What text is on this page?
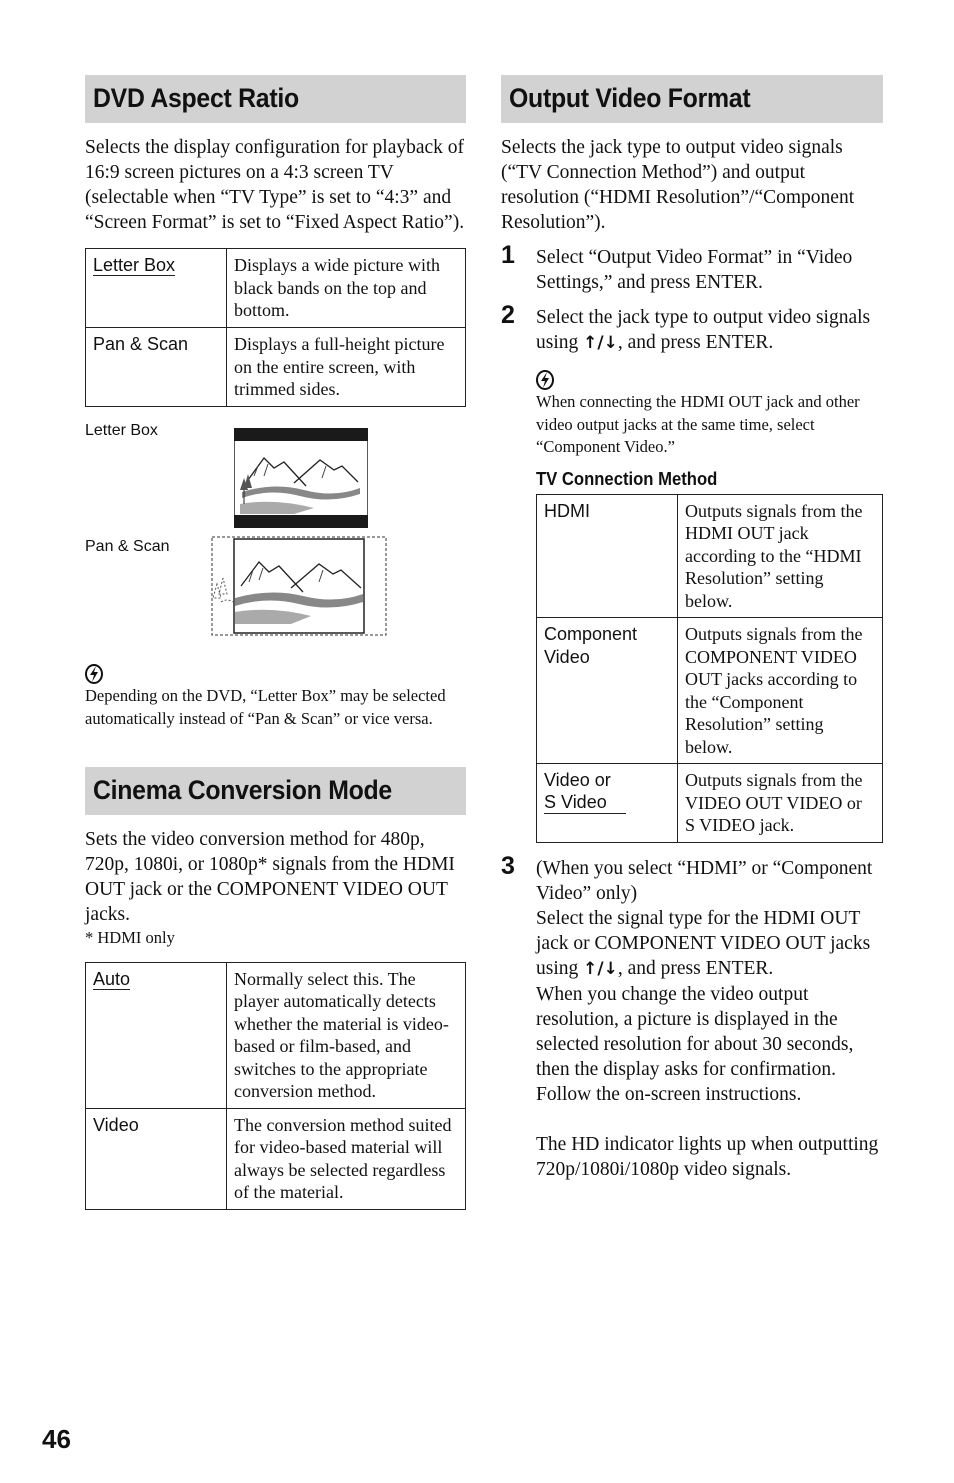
DVD Aspect Ratio

Selects the display configuration for playback of 16:9 screen pictures on a 4:3 screen TV (selectable when “TV Type” is set to “4:3” and “Screen Format” is set to “Fixed Aspect Ratio”).

Letter Box	Displays a wide picture with black bands on the top and bottom.
Pan & Scan	Displays a full-height picture on the entire screen, with trimmed sides.
Letter Box
Pan & Scan

Depending on the DVD, “Letter Box” may be selected automatically instead of “Pan & Scan” or vice versa.

Cinema Conversion Mode

Sets the video conversion method for 480p, 720p, 1080i, or 1080p* signals from the HDMI OUT jack or the COMPONENT VIDEO OUT jacks.

* HDMI only

Auto	Normally select this. The player automatically detects whether the material is video-based or film-based, and switches to the appropriate conversion method.
Video	The conversion method suited for video-based material will always be selected regardless of the material.
Output Video Format

Selects the jack type to output video signals (“TV Connection Method”) and output resolution (“HDMI Resolution”/“Component Resolution”).

1 Select “Output Video Format” in “Video Settings,” and press ENTER.

2 Select the jack type to output video signals using ↑/↓, and press ENTER.

When connecting the HDMI OUT jack and other video output jacks at the same time, select “Component Video.”

TV Connection Method

HDMI	Outputs signals from the HDMI OUT jack according to the “HDMI Resolution” setting below.
Component
Video	Outputs signals from the COMPONENT VIDEO OUT jacks according to the “Component Resolution” setting below.
Video or
S Video	Outputs signals from the VIDEO OUT VIDEO or S VIDEO jack.
3 (When you select “HDMI” or “Component Video” only)

Select the signal type for the HDMI OUT jack or COMPONENT VIDEO OUT jacks using ↑/↓, and press ENTER.

When you change the video output resolution, a picture is displayed in the selected resolution for about 30 seconds, then the display asks for confirmation. Follow the on-screen instructions.

The HD indicator lights up when outputting 720p/1080i/1080p video signals.

46
